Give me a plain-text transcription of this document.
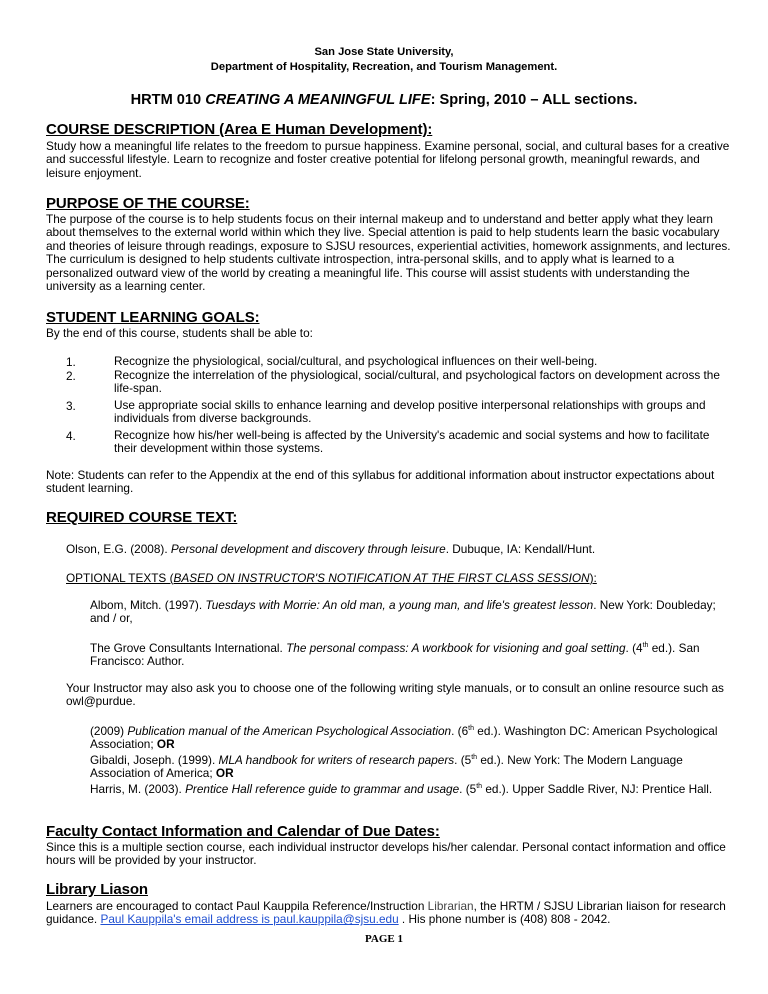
San Jose State University,
Department of Hospitality, Recreation, and Tourism Management.
HRTM 010 CREATING A MEANINGFUL LIFE: Spring, 2010 – ALL sections.
COURSE DESCRIPTION (Area E Human Development):
Study how a meaningful life relates to the freedom to pursue happiness. Examine personal, social, and cultural bases for a creative and successful lifestyle. Learn to recognize and foster creative potential for lifelong personal growth, meaningful rewards, and leisure enjoyment.
PURPOSE OF THE COURSE:
The purpose of the course is to help students focus on their internal makeup and to understand and better apply what they learn about themselves to the external world within which they live. Special attention is paid to help students learn the basic vocabulary and theories of leisure through readings, exposure to SJSU resources, experiential activities, homework assignments, and lectures. The curriculum is designed to help students cultivate introspection, intra-personal skills, and to apply what is learned to a personalized outward view of the world by creating a meaningful life. This course will assist students with understanding the university as a learning center.
STUDENT LEARNING GOALS:
By the end of this course, students shall be able to:
1.	Recognize the physiological, social/cultural, and psychological influences on their well-being.
2.	Recognize the interrelation of the physiological, social/cultural, and psychological factors on development across the life-span.
3.	Use appropriate social skills to enhance learning and develop positive interpersonal relationships with groups and individuals from diverse backgrounds.
4.	Recognize how his/her well-being is affected by the University's academic and social systems and how to facilitate their development within those systems.
Note: Students can refer to the Appendix at the end of this syllabus for additional information about instructor expectations about student learning.
REQUIRED COURSE TEXT:
Olson, E.G. (2008). Personal development and discovery through leisure. Dubuque, IA: Kendall/Hunt.
OPTIONAL TEXTS (BASED ON INSTRUCTOR'S NOTIFICATION AT THE FIRST CLASS SESSION):
Albom, Mitch. (1997). Tuesdays with Morrie: An old man, a young man, and life's greatest lesson. New York: Doubleday; and / or,
The Grove Consultants International. The personal compass: A workbook for visioning and goal setting. (4th ed.). San Francisco: Author.
Your Instructor may also ask you to choose one of the following writing style manuals, or to consult an online resource such as owl@purdue.
(2009) Publication manual of the American Psychological Association. (6th ed.). Washington DC: American Psychological Association; OR
Gibaldi, Joseph. (1999). MLA handbook for writers of research papers. (5th ed.). New York: The Modern Language Association of America; OR
Harris, M. (2003). Prentice Hall reference guide to grammar and usage. (5th ed.). Upper Saddle River, NJ: Prentice Hall.
Faculty Contact Information and Calendar of Due Dates:
Since this is a multiple section course, each individual instructor develops his/her calendar. Personal contact information and office hours will be provided by your instructor.
Library Liason
Learners are encouraged to contact Paul Kauppila Reference/Instruction Librarian, the HRTM / SJSU Librarian liaison for research guidance. Paul Kauppila's email address is paul.kauppila@sjsu.edu . His phone number is (408) 808 - 2042.
PAGE 1
